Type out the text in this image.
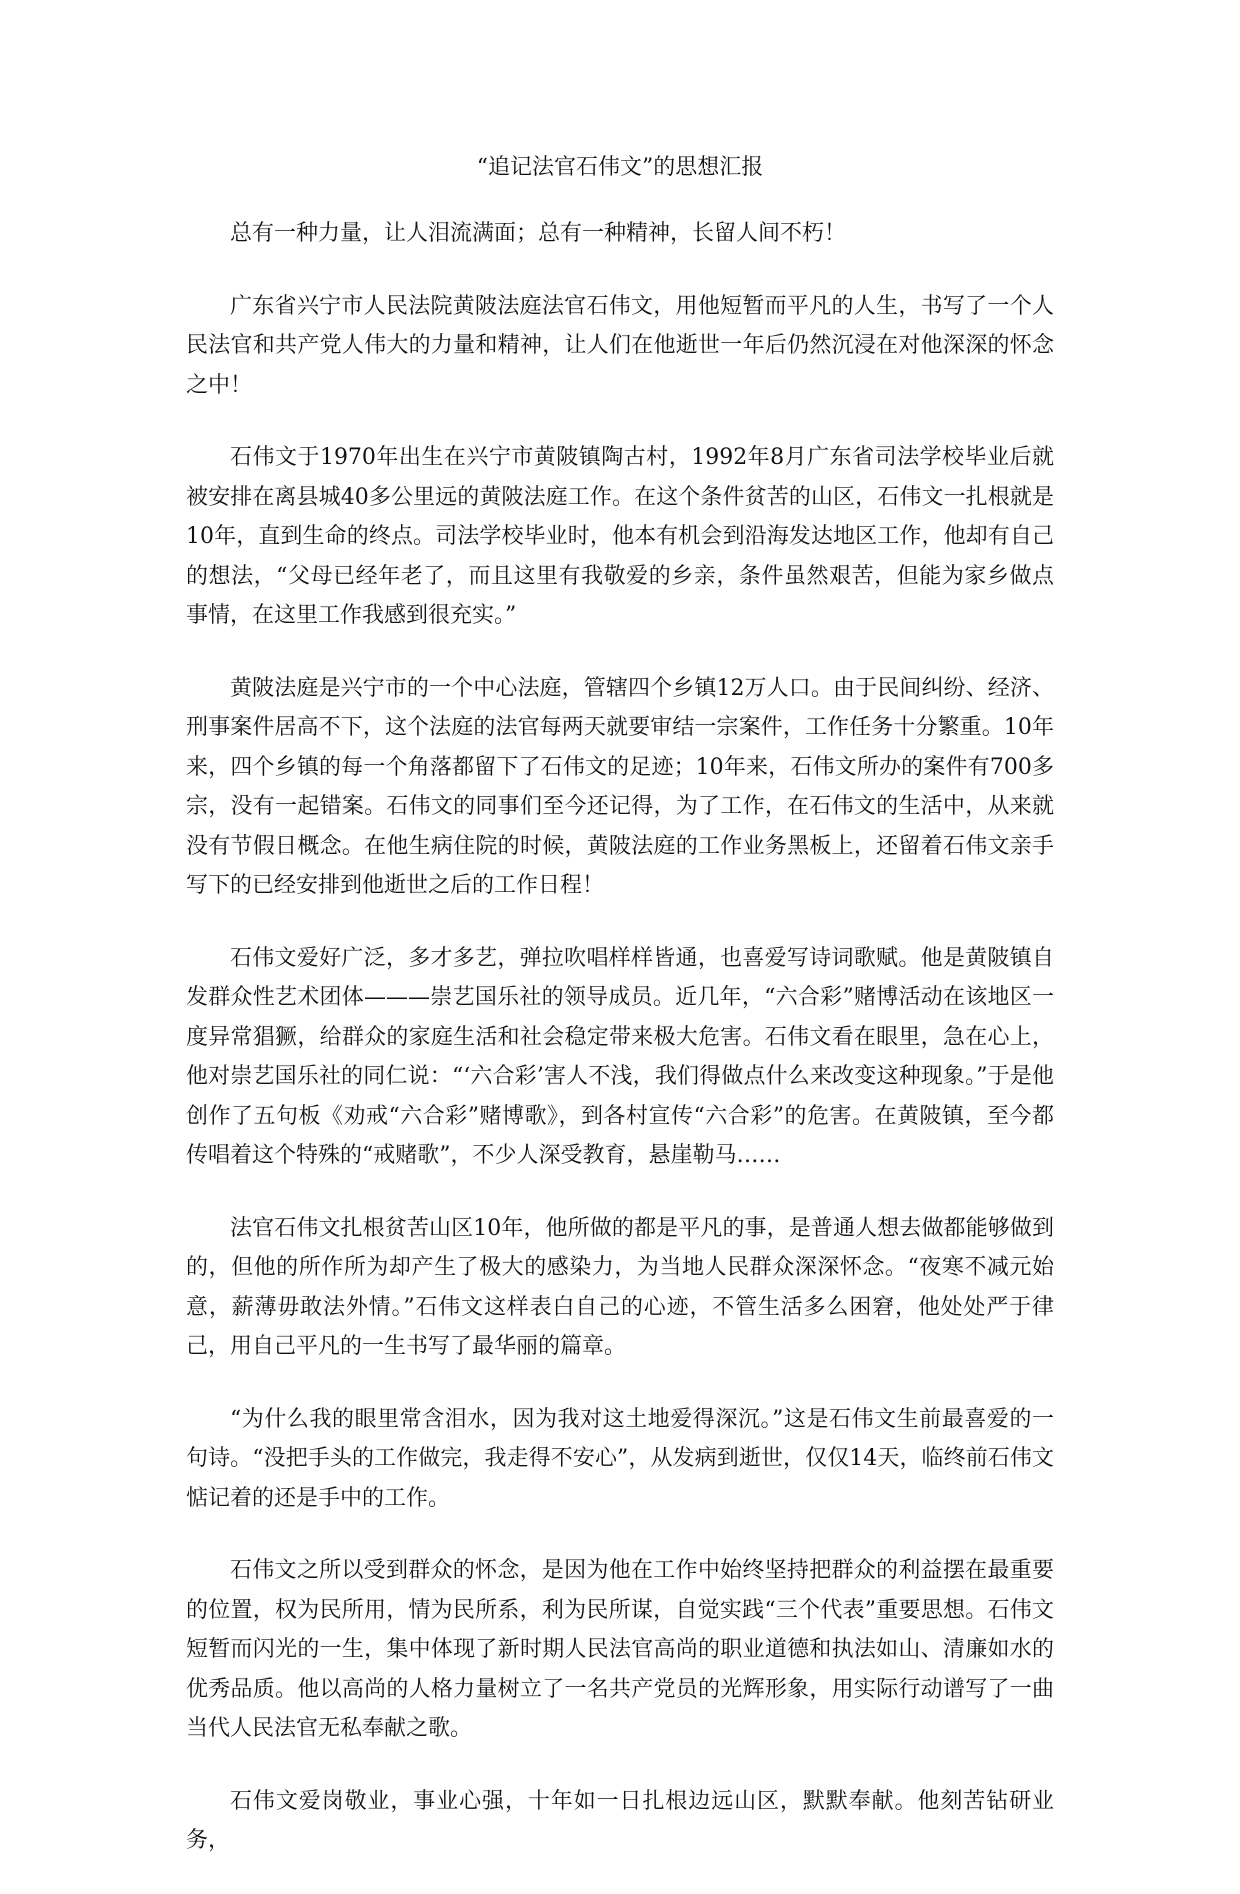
“追记法官石伟文”的思想汇报

总有一种力量，让人泪流满面；总有一种精神，长留人间不朽！

广东省兴宁市人民法院黄陂法庭法官石伟文，用他短暂而平凡的人生，书写了一个人民法官和共产党人伟大的力量和精神，让人们在他逝世一年后仍然沉浸在对他深深的怀念之中！

石伟文于1970年出生在兴宁市黄陂镇陶古村，1992年8月广东省司法学校毕业后就被安排在离县城40多公里远的黄陂法庭工作。在这个条件贫苦的山区，石伟文一扎根就是10年，直到生命的终点。司法学校毕业时，他本有机会到沿海发达地区工作，他却有自己的想法，“父母已经年老了，而且这里有我敬爱的乡亲，条件虽然艰苦，但能为家乡做点事情，在这里工作我感到很充实。”

黄陂法庭是兴宁市的一个中心法庭，管辖四个乡镇12万人口。由于民间纠纷、经济、刑事案件居高不下，这个法庭的法官每两天就要审结一宗案件，工作任务十分繁重。10年来，四个乡镇的每一个角落都留下了石伟文的足迹；10年来，石伟文所办的案件有700多宗，没有一起错案。石伟文的同事们至今还记得，为了工作，在石伟文的生活中，从来就没有节假日概念。在他生病住院的时候，黄陂法庭的工作业务黑板上，还留着石伟文亲手写下的已经安排到他逝世之后的工作日程！

石伟文爱好广泛，多才多艺，弹拉吹唱样样皆通，也喜爱写诗词歌赋。他是黄陂镇自发群众性艺术团体———崇艺国乐社的领导成员。近几年，“六合彩”赌博活动在该地区一度异常猖獗，给群众的家庭生活和社会稳定带来极大危害。石伟文看在眼里，急在心上，他对崇艺国乐社的同仁说：“‘六合彩’害人不浅，我们得做点什么来改变这种现象。”于是他创作了五句板《劝戒“六合彩”赌博歌》，到各村宣传“六合彩”的危害。在黄陂镇，至今都传唱着这个特殊的“戒赌歌”，不少人深受教育，悬崖勒马……

法官石伟文扎根贫苦山区10年，他所做的都是平凡的事，是普通人想去做都能够做到的，但他的所作所为却产生了极大的感染力，为当地人民群众深深怀念。“夜寒不减元始意，薪薄毋敢法外情。”石伟文这样表白自己的心迹，不管生活多么困窘，他处处严于律己，用自己平凡的一生书写了最华丽的篇章。

“为什么我的眼里常含泪水，因为我对这土地爱得深沉。”这是石伟文生前最喜爱的一句诗。“没把手头的工作做完，我走得不安心”，从发病到逝世，仅仅14天，临终前石伟文惦记着的还是手中的工作。

石伟文之所以受到群众的怀念，是因为他在工作中始终坚持把群众的利益摆在最重要的位置，权为民所用，情为民所系，利为民所谋，自觉实践“三个代表”重要思想。石伟文短暂而闪光的一生，集中体现了新时期人民法官高尚的职业道德和执法如山、清廉如水的优秀品质。他以高尚的人格力量树立了一名共产党员的光辉形象，用实际行动谱写了一曲当代人民法官无私奉献之歌。

石伟文爱岗敬业，事业心强，十年如一日扎根边远山区，默默奉献。他刻苦钻研业务，
